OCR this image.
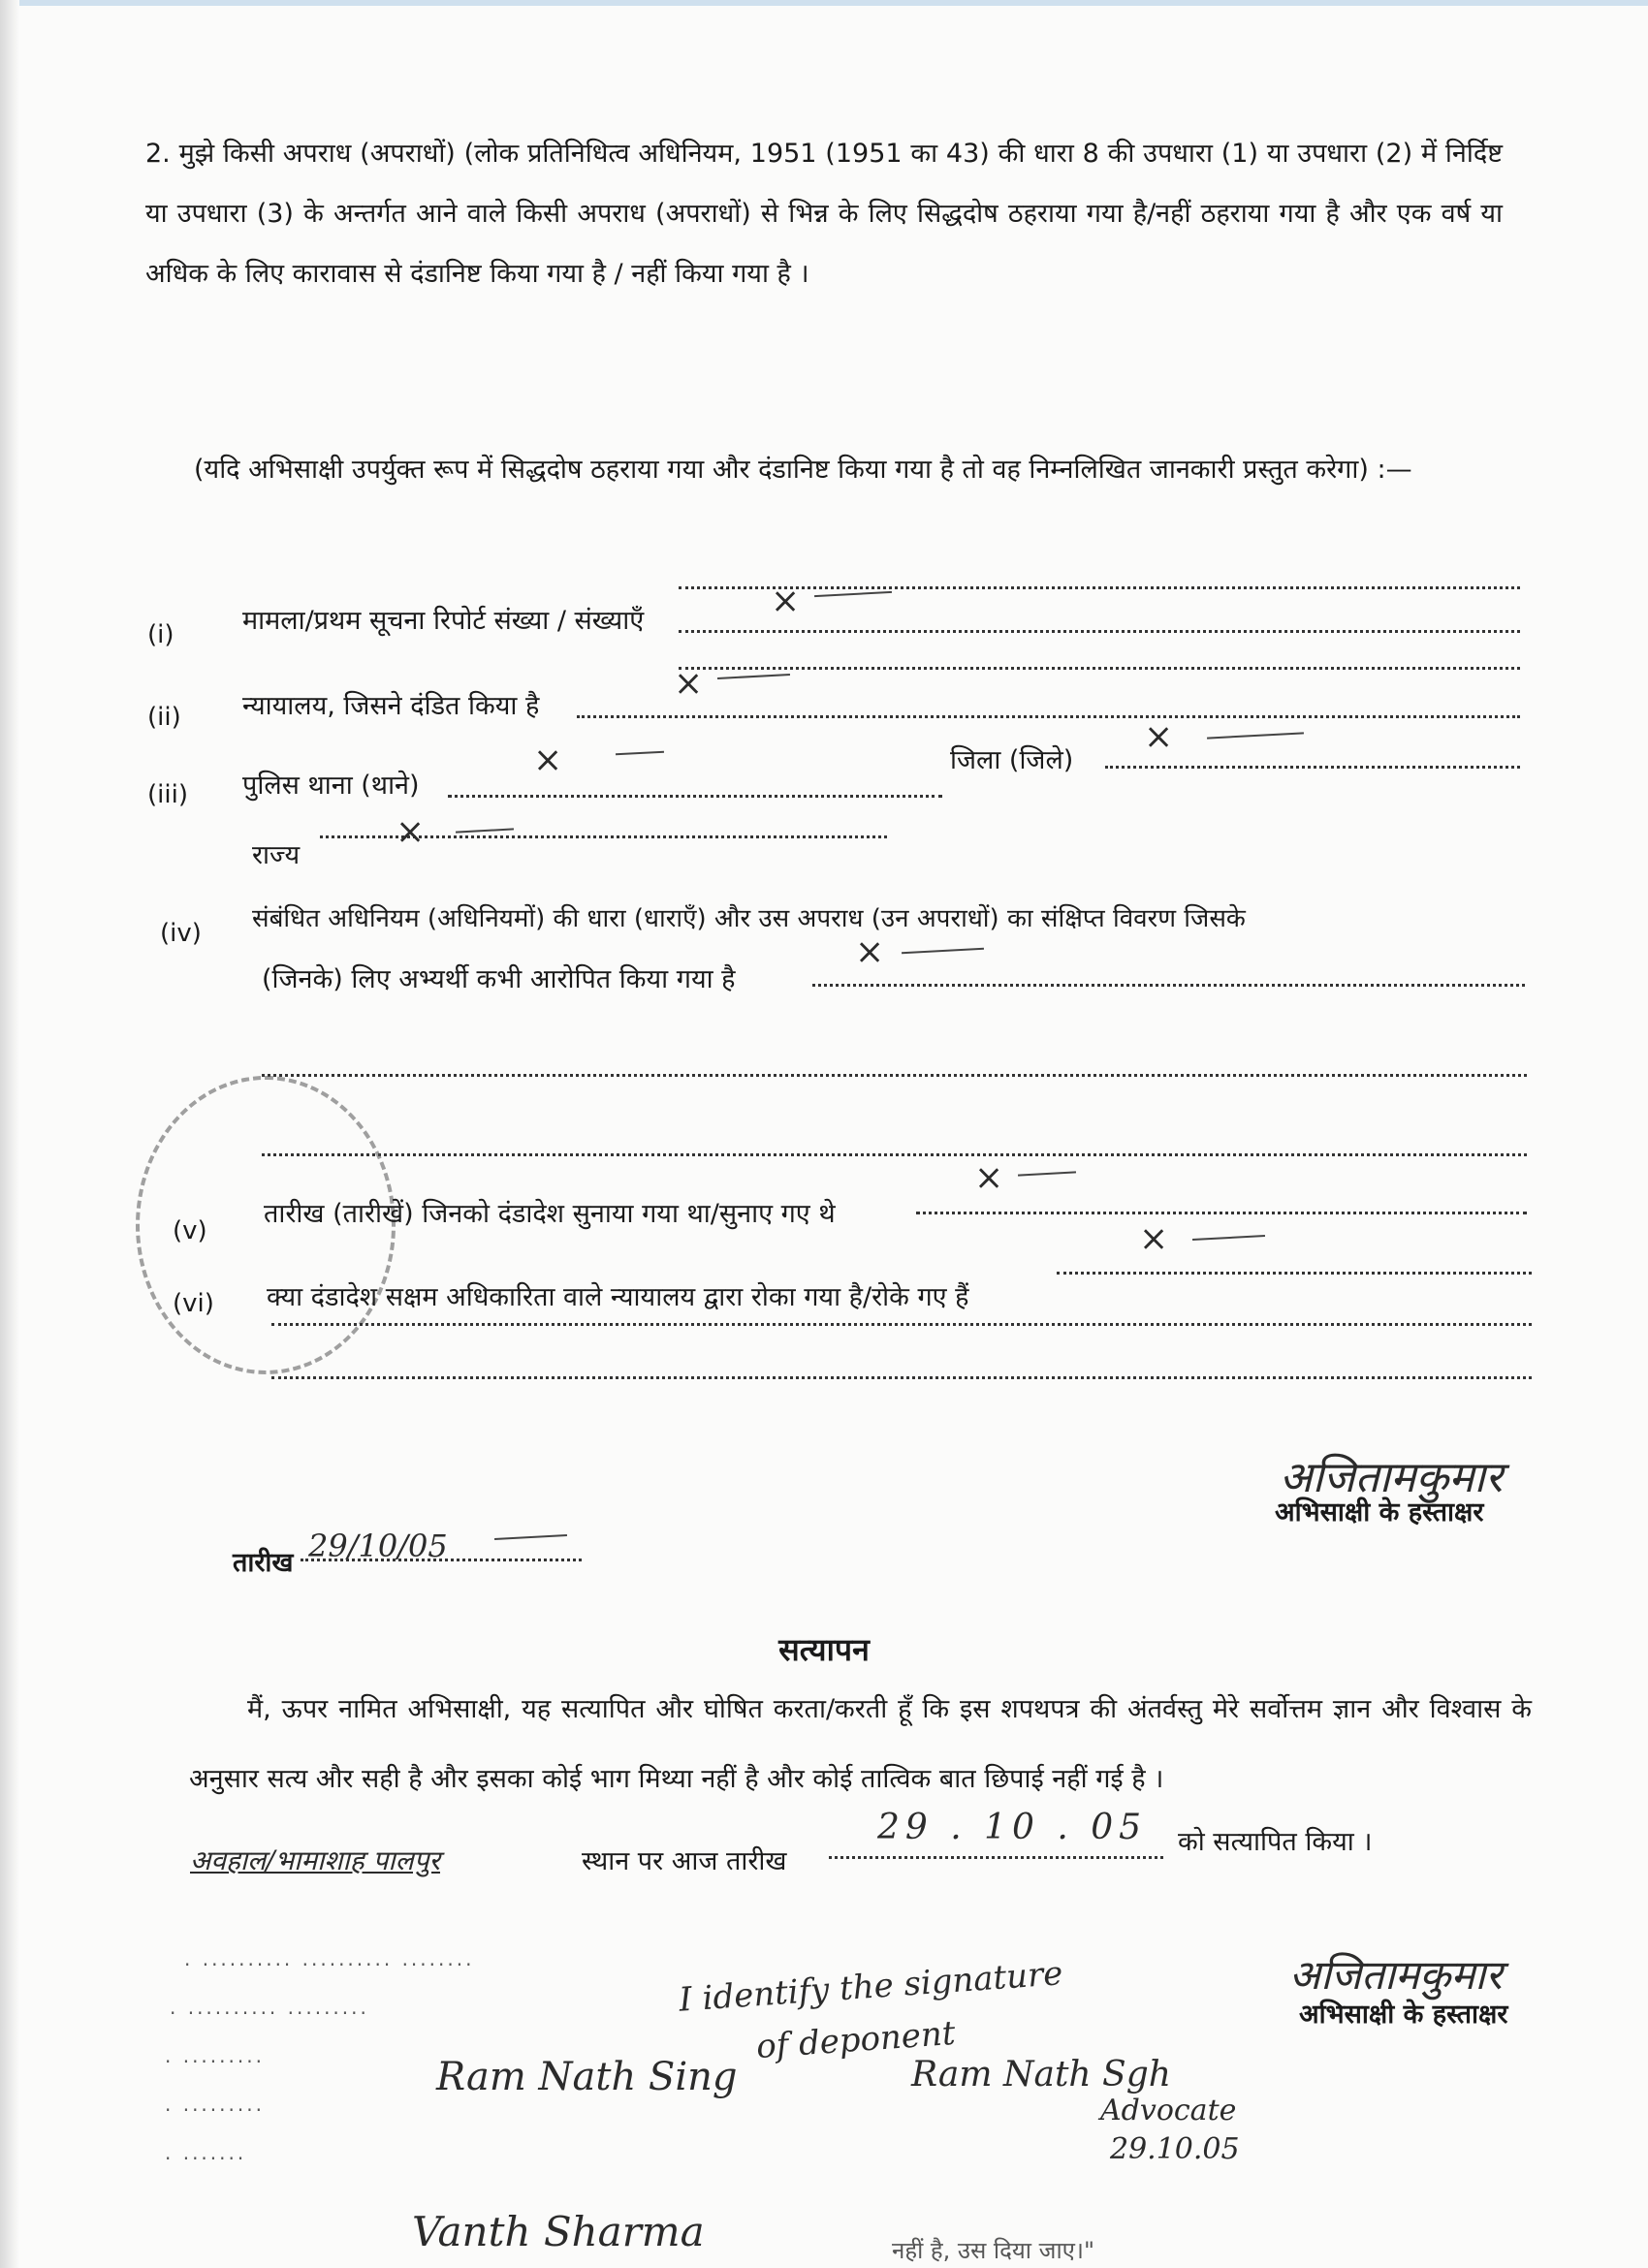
2. मुझे किसी अपराध (अपराधों) (लोक प्रतिनिधित्व अधिनियम, 1951 (1951 का 43) की धारा 8 की उपधारा (1) या उपधारा (2) में निर्दिष्ट या उपधारा (3) के अन्तर्गत आने वाले किसी अपराध (अपराधों) से भिन्न के लिए सिद्धदोष ठहराया गया है/नहीं ठहराया गया है और एक वर्ष या अधिक के लिए कारावास से दंडानिष्ट किया गया है / नहीं किया गया है ।
(यदि अभिसाक्षी उपर्युक्त रूप में सिद्धदोष ठहराया गया और दंडानिष्ट किया गया है तो वह निम्नलिखित जानकारी प्रस्तुत करेगा) :—
(i)	मामला/प्रथम सूचना रिपोर्ट संख्या / संख्याएँ	×
(ii) न्यायालय, जिसने दंडित किया है
×
(iii) पुलिस थाना (थाने)
×	जिला (जिले)
×
राज्य
×
(iv) संबंधित अधिनियम (अधिनियमों) की धारा (धाराएँ) और उस अपराध (उन अपराधों) का संक्षिप्त विवरण जिसके
(जिनके) लिए अभ्यर्थी कभी आरोपित किया गया है
×
(v)
तारीख (तारीखें) जिनको दंडादेश सुनाया गया था/सुनाए गए थे
×
(vi) क्या दंडादेश सक्षम अधिकारिता वाले न्यायालय द्वारा रोका गया है/रोके गए हैं
×
अजितामकुमार
अभिसाक्षी के हस्ताक्षर
तारीख 29/10/05
सत्यापन
मैं, ऊपर नामित अभिसाक्षी, यह सत्यापित और घोषित करता/करती हूँ कि इस शपथपत्र की अंतर्वस्तु मेरे सर्वोत्तम ज्ञान और विश्वास के अनुसार सत्य और सही है और इसका कोई भाग मिथ्या नहीं है और कोई तात्विक बात छिपाई नहीं गई है ।
अवहाल/भामाशाह पालपुर	स्थान पर आज तारीख
29 . 10 . 05 को सत्यापित किया ।
अजितामकुमार
अभिसाक्षी के हस्ताक्षर
I identify the signature
of deponent
Ram Nath Sing	Ram Nath Sgh
Advocate
29.10.05
Vanth Sharma	नहीं है, उस दिया जाए।"
· ·········· ·········· ········
· ·········· ·········
· ·········
· ·········
· ·······
